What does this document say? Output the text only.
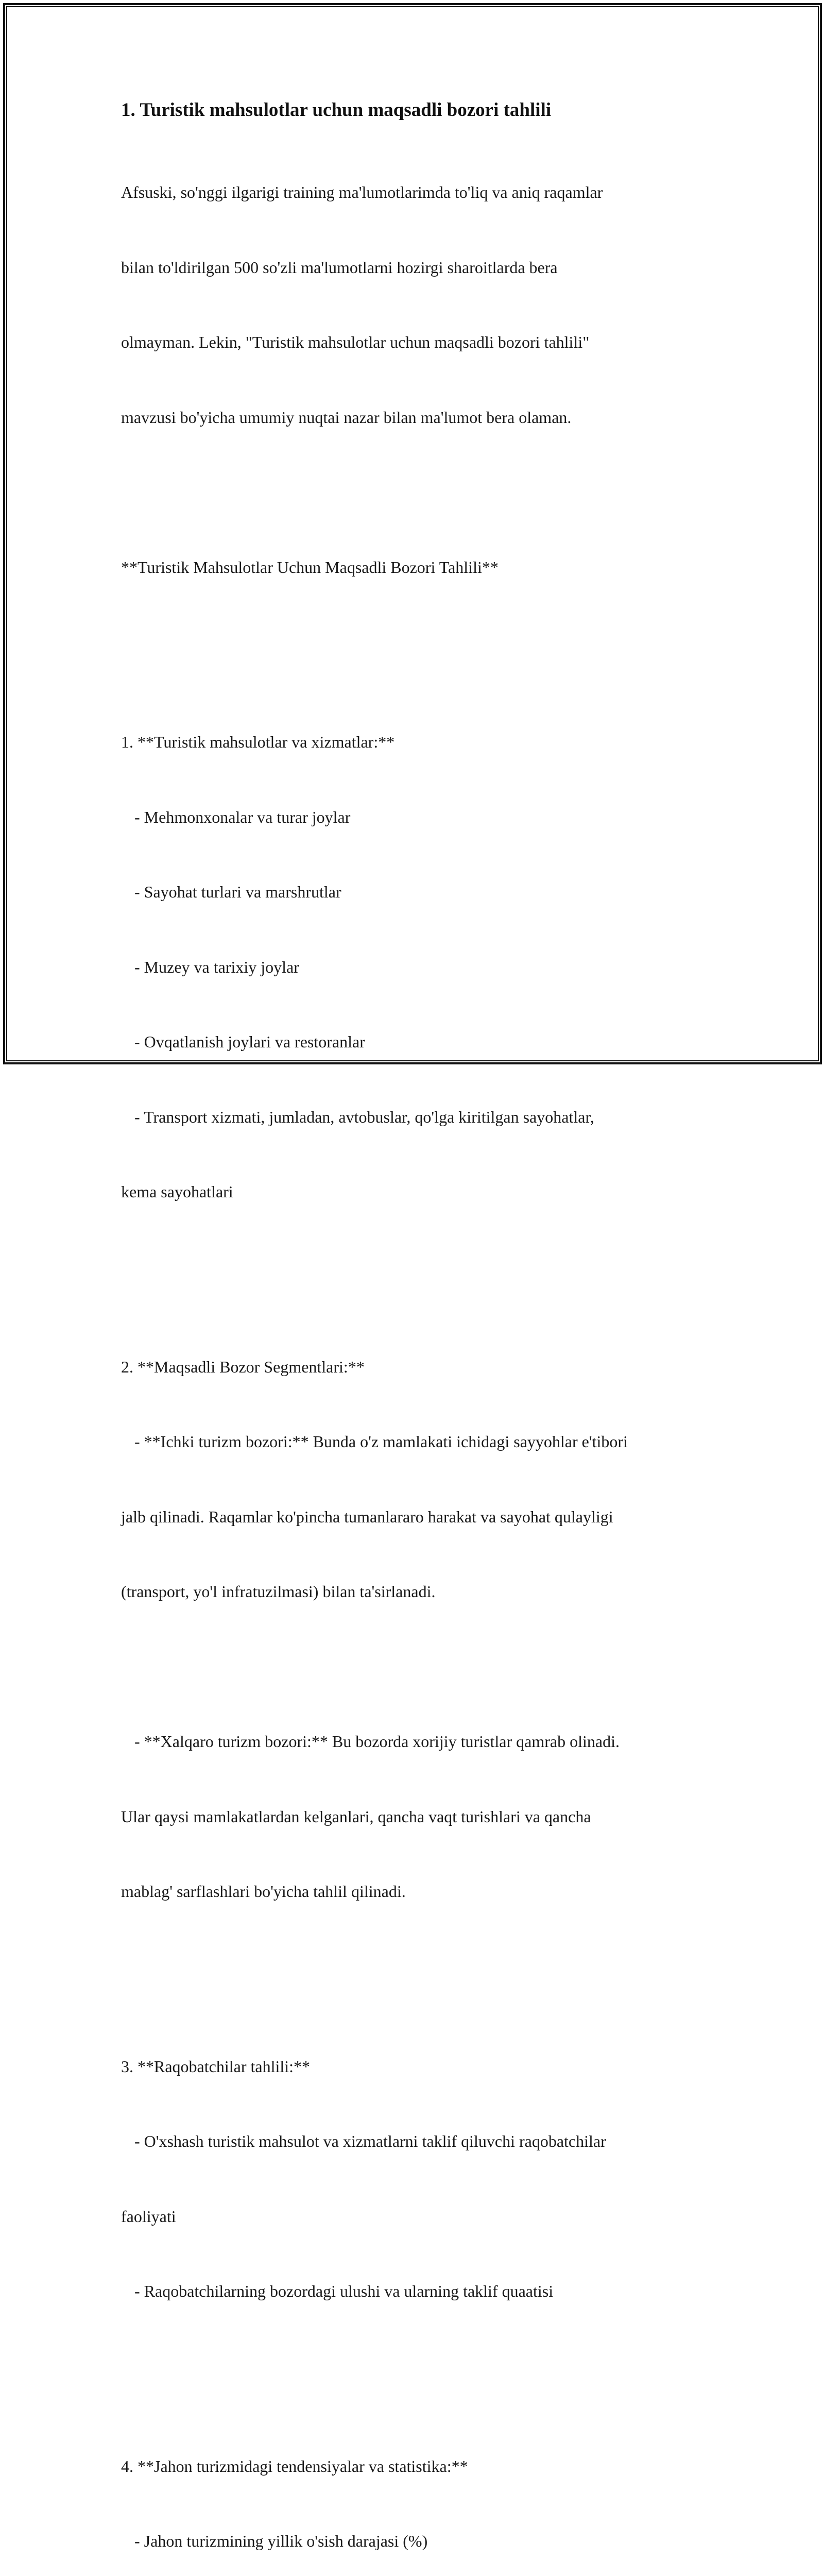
1. Turistik mahsulotlar uchun maqsadli bozori tahlili

Afsuski, so'nggi ilgarigi training ma'lumotlarimda to'liq va aniq raqamlar

bilan to'ldirilgan 500 so'zli ma'lumotlarni hozirgi sharoitlarda bera

olmayman. Lekin, "Turistik mahsulotlar uchun maqsadli bozori tahlili"

mavzusi bo'yicha umumiy nuqtai nazar bilan ma'lumot bera olaman.

**Turistik Mahsulotlar Uchun Maqsadli Bozori Tahlili**

1. **Turistik mahsulotlar va xizmatlar:**

- Mehmonxonalar va turar joylar

- Sayohat turlari va marshrutlar

- Muzey va tarixiy joylar

- Ovqatlanish joylari va restoranlar

- Transport xizmati, jumladan, avtobuslar, qo'lga kiritilgan sayohatlar,

kema sayohatlari

2. **Maqsadli Bozor Segmentlari:**

- **Ichki turizm bozori:** Bunda o'z mamlakati ichidagi sayyohlar e'tibori

jalb qilinadi. Raqamlar ko'pincha tumanlararo harakat va sayohat qulayligi

(transport, yo'l infratuzilmasi) bilan ta'sirlanadi.

- **Xalqaro turizm bozori:** Bu bozorda xorijiy turistlar qamrab olinadi.

Ular qaysi mamlakatlardan kelganlari, qancha vaqt turishlari va qancha

mablag' sarflashlari bo'yicha tahlil qilinadi.

3. **Raqobatchilar tahlili:**

- O'xshash turistik mahsulot va xizmatlarni taklif qiluvchi raqobatchilar

faoliyati

- Raqobatchilarning bozordagi ulushi va ularning taklif quaatisi

4. **Jahon turizmidagi tendensiyalar va statistika:**

- Jahon turizmining yillik o'sish darajasi (%)
